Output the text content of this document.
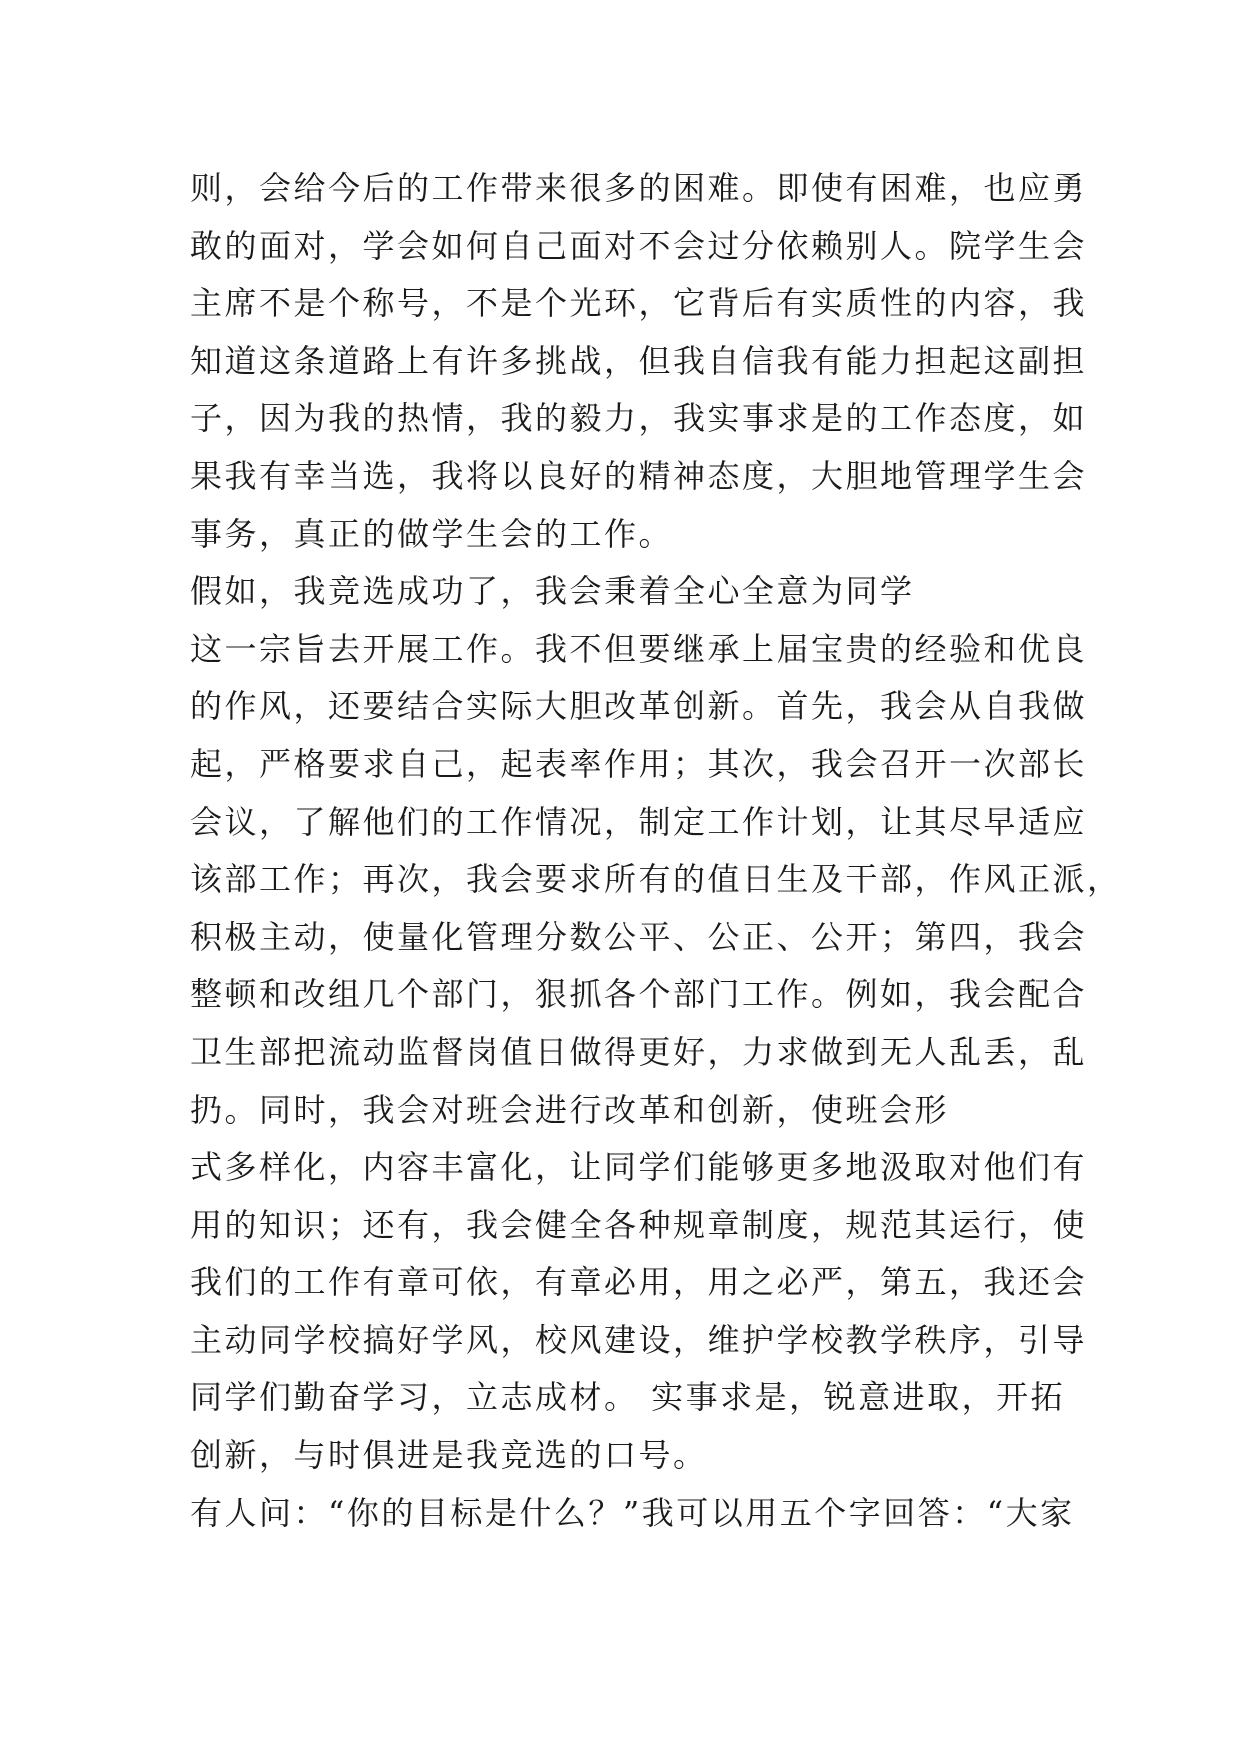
则，会给今后的工作带来很多的困难。即使有困难，也应勇
敢的面对，学会如何自己面对不会过分依赖别人。院学生会
主席不是个称号，不是个光环，它背后有实质性的内容，我
知道这条道路上有许多挑战，但我自信我有能力担起这副担
子，因为我的热情，我的毅力，我实事求是的工作态度，如
果我有幸当选，我将以良好的精神态度，大胆地管理学生会
事务，真正的做学生会的工作。
假如，我竞选成功了，我会秉着全心全意为同学
这一宗旨去开展工作。我不但要继承上届宝贵的经验和优良
的作风，还要结合实际大胆改革创新。首先，我会从自我做
起，严格要求自己，起表率作用；其次，我会召开一次部长
会议，了解他们的工作情况，制定工作计划，让其尽早适应
该部工作；再次，我会要求所有的值日生及干部，作风正派，
积极主动，使量化管理分数公平、公正、公开；第四，我会
整顿和改组几个部门，狠抓各个部门工作。例如，我会配合
卫生部把流动监督岗值日做得更好，力求做到无人乱丢，乱
扔。同时，我会对班会进行改革和创新，使班会形
式多样化，内容丰富化，让同学们能够更多地汲取对他们有
用的知识；还有，我会健全各种规章制度，规范其运行，使
我们的工作有章可依，有章必用，用之必严，第五，我还会
主动同学校搞好学风，校风建设，维护学校教学秩序，引导
同学们勤奋学习，立志成材。 实事求是，锐意进取，开拓
创新，与时俱进是我竞选的口号。
有人问：“你的目标是什么？”我可以用五个字回答：“大家
